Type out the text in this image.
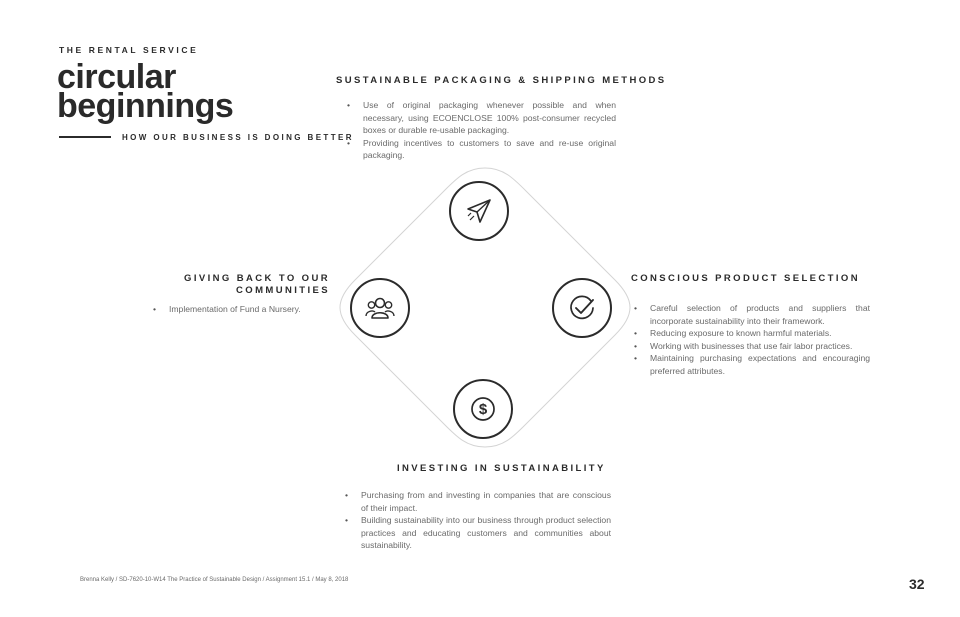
THE RENTAL SERVICE
circular
beginnings
HOW OUR BUSINESS IS DOING BETTER
$
SUSTAINABLE PACKAGING & SHIPPING METHODS
• Use of original packaging whenever possible and when necessary, using ECOENCLOSE 100% post-consumer recycled boxes or durable re-usable packaging.
• Providing incentives to customers to save and re-use original packaging.
GIVING BACK TO OUR
COMMUNITIES
• Implementation of Fund a Nursery.
CONSCIOUS PRODUCT SELECTION
• Careful selection of products and suppliers that incorporate sustainability into their framework.
• Reducing exposure to known harmful materials.
• Working with businesses that use fair labor practices.
• Maintaining purchasing expectations and encouraging preferred attributes.
INVESTING IN SUSTAINABILITY
• Purchasing from and investing in companies that are conscious of their impact.
• Building sustainability into our business through product selection practices and educating customers and communities about sustainability.
Brenna Kelly / SD-7620-10-W14 The Practice of Sustainable Design / Assignment 15.1 / May 8, 2018	32
